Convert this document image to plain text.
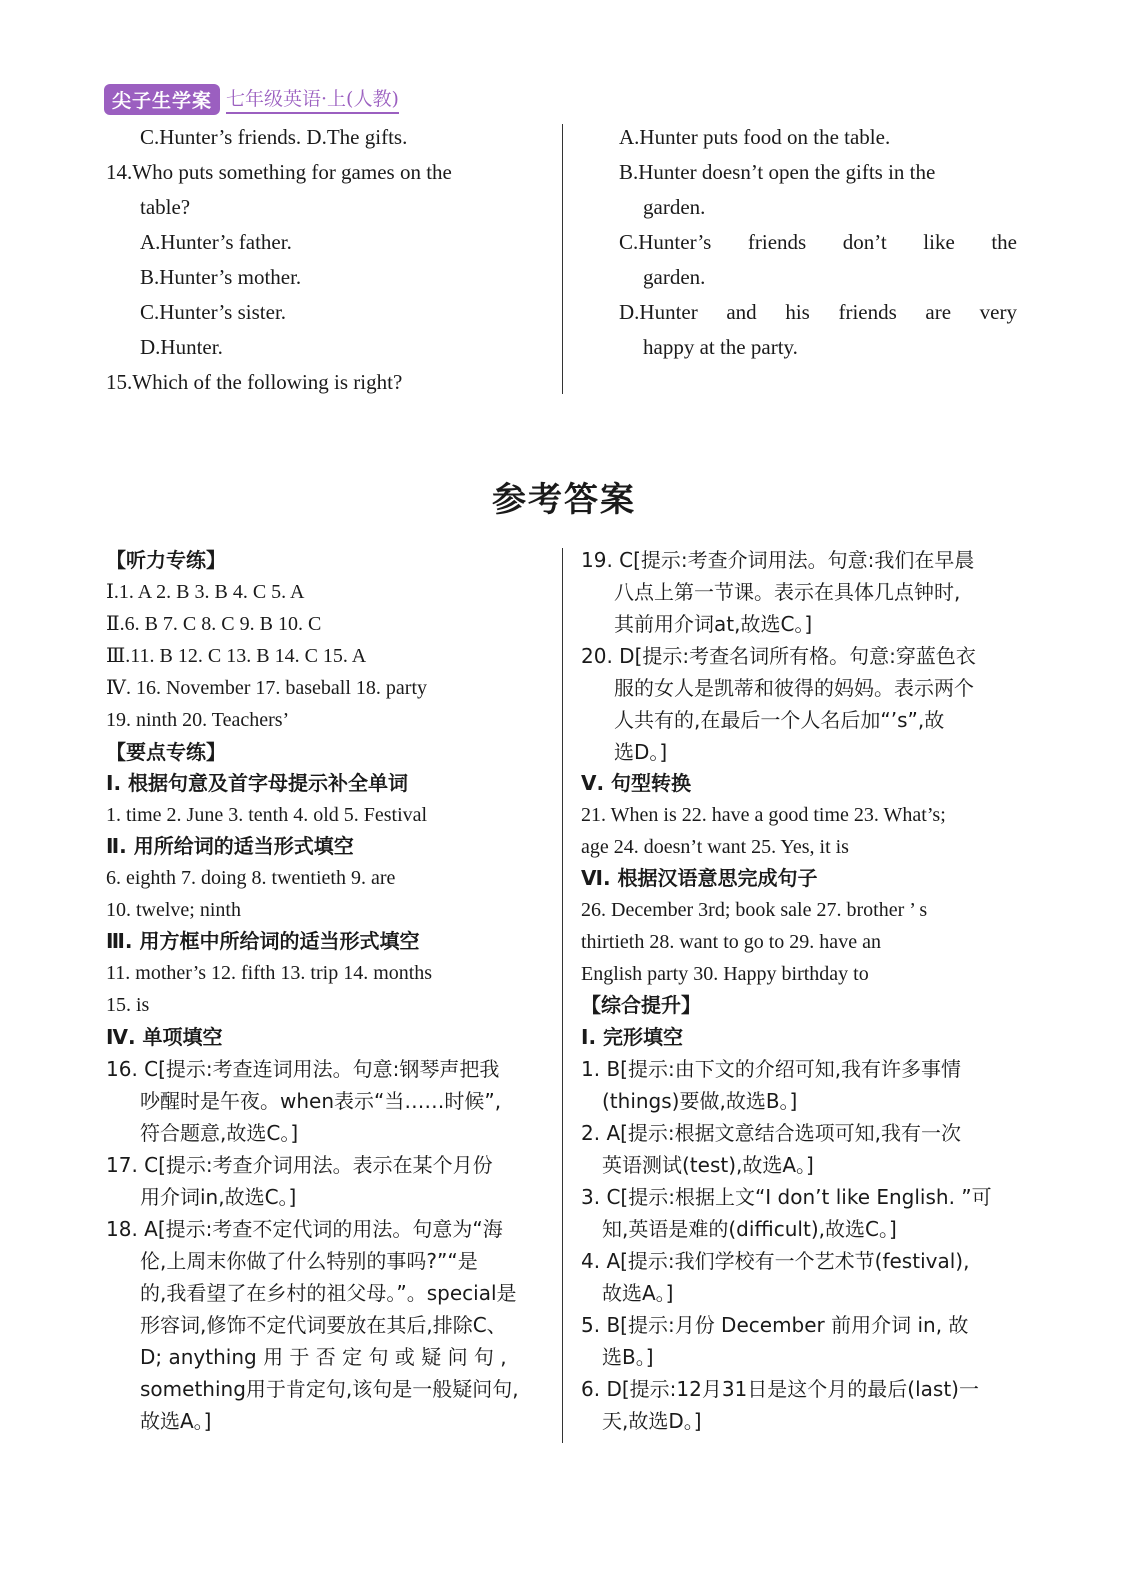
尖子生学案 七年级英语·上(人教)
C.Hunter’s friends. D.The gifts.
14.Who puts something for games on the
table?
A.Hunter’s father.
B.Hunter’s mother.
C.Hunter’s sister.
D.Hunter.
15.Which of the following is right?
A.Hunter puts food on the table.
B.Hunter doesn’t open the gifts in the
garden.
C.Hunter’s friends don’t like the
garden.
D.Hunter and his friends are very
happy at the party.
参考答案
【听力专练】
Ⅰ.1. A 2. B 3. B 4. C 5. A
Ⅱ.6. B 7. C 8. C 9. B 10. C
Ⅲ.11. B 12. C 13. B 14. C 15. A
Ⅳ. 16. November 17. baseball 18. party
19. ninth 20. Teachers’
【要点专练】
Ⅰ. 根据句意及首字母提示补全单词
1. time 2. June 3. tenth 4. old 5. Festival
Ⅱ. 用所给词的适当形式填空
6. eighth 7. doing 8. twentieth 9. are
10. twelve; ninth
Ⅲ. 用方框中所给词的适当形式填空
11. mother’s 12. fifth 13. trip 14. months
15. is
Ⅳ. 单项填空
16. C[提示:考查连词用法。句意:钢琴声把我
吵醒时是午夜。when表示“当……时候”,
符合题意,故选C。]
17. C[提示:考查介词用法。表示在某个月份
用介词in,故选C。]
18. A[提示:考查不定代词的用法。句意为“海
伦,上周末你做了什么特别的事吗?”“是
的,我看望了在乡村的祖父母。”。special是
形容词,修饰不定代词要放在其后,排除C、
D; anything 用 于 否 定 句 或 疑 问 句 ,
something用于肯定句,该句是一般疑问句,
故选A。]
19. C[提示:考查介词用法。句意:我们在早晨
八点上第一节课。表示在具体几点钟时,
其前用介词at,故选C。]
20. D[提示:考查名词所有格。句意:穿蓝色衣
服的女人是凯蒂和彼得的妈妈。表示两个
人共有的,在最后一个人名后加“’s”,故
选D。]
Ⅴ. 句型转换
21. When is 22. have a good time 23. What’s;
age 24. doesn’t want 25. Yes, it is
Ⅵ. 根据汉语意思完成句子
26. December 3rd; book sale 27. brother ’ s
thirtieth 28. want to go to 29. have an
English party 30. Happy birthday to
【综合提升】
Ⅰ. 完形填空
1. B[提示:由下文的介绍可知,我有许多事情
(things)要做,故选B。]
2. A[提示:根据文意结合选项可知,我有一次
英语测试(test),故选A。]
3. C[提示:根据上文“I don’t like English. ”可
知,英语是难的(difficult),故选C。]
4. A[提示:我们学校有一个艺术节(festival),
故选A。]
5. B[提示:月份 December 前用介词 in, 故
选B。]
6. D[提示:12月31日是这个月的最后(last)一
天,故选D。]
